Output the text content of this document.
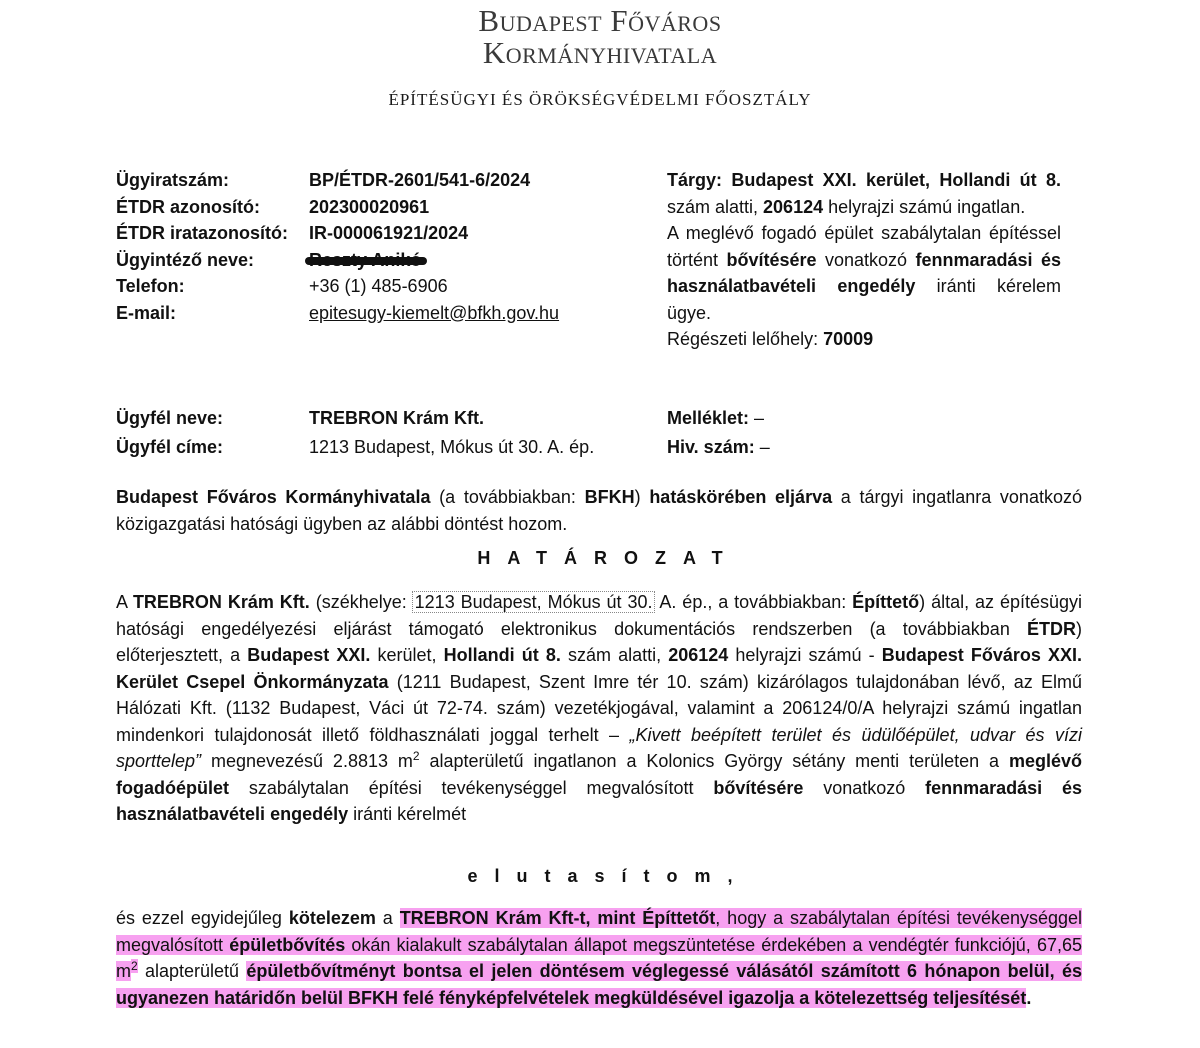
Budapest Főváros
Kormányhivatala
ÉPÍTÉSÜGYI ÉS ÖRÖKSÉGVÉDELMI FŐOSZTÁLY
Ügyiratszám:	BP/ÉTDR-2601/541-6/2024
ÉTDR azonosító:	202300020961
ÉTDR iratazonosító:	IR-000061921/2024
Ügyintéző neve:
Telefon:	+36 (1) 485-6906
E-mail:	epitesugy-kiemelt@bfkh.gov.hu
Tárgy: Budapest XXI. kerület, Hollandi út 8. szám alatti, 206124 helyrajzi számú ingatlan.
A meglévő fogadó épület szabálytalan építéssel történt bővítésére vonatkozó fennmaradási és használatbavételi engedély iránti kérelem ügye.
Régészeti lelőhely: 70009
Ügyfél neve:	TREBRON Krám Kft.
Ügyfél címe:	1213 Budapest, Mókus út 30. A. ép.
Melléklet: –
Hiv. szám: –
Budapest Főváros Kormányhivatala (a továbbiakban: BFKH) hatáskörében eljárva a tárgyi ingatlanra vonatkozó közigazgatási hatósági ügyben az alábbi döntést hozom.
HATÁROZAT
A TREBRON Krám Kft. (székhelye: 1213 Budapest, Mókus út 30. A. ép., a továbbiakban: Építtető) által, az építésügyi hatósági engedélyezési eljárást támogató elektronikus dokumentációs rendszerben (a továbbiakban ÉTDR) előterjesztett, a Budapest XXI. kerület, Hollandi út 8. szám alatti, 206124 helyrajzi számú - Budapest Főváros XXI. Kerület Csepel Önkormányzata (1211 Budapest, Szent Imre tér 10. szám) kizárólagos tulajdonában lévő, az Elmű Hálózati Kft. (1132 Budapest, Váci út 72-74. szám) vezetékjogával, valamint a 206124/0/A helyrajzi számú ingatlan mindenkori tulajdonosát illető földhasználati joggal terhelt – „Kivett beépített terület és üdülőépület, udvar és vízi sporttelep” megnevezésű 2.8813 $m^2$ alapterületű ingatlanon a Kolonics György sétány menti területen a meglévő fogadóépület szabálytalan építési tevékenységgel megvalósított bővítésére vonatkozó fennmaradási és használatbavételi engedély iránti kérelmét
elutasítom,
és ezzel egyidejűleg kötelezem a TREBRON Krám Kft-t, mint Építtetőt, hogy a szabálytalan építési tevékenységgel megvalósított épületbővítés okán kialakult szabálytalan állapot megszüntetése érdekében a vendégtér funkciójú, 67,65 $m^2$ alapterületű épületbővítményt bontsa el jelen döntésem véglegessé válásától számított 6 hónapon belül, és ugyanezen határidőn belül BFKH felé fényképfelvételek megküldésével igazolja a kötelezettség teljesítését.
